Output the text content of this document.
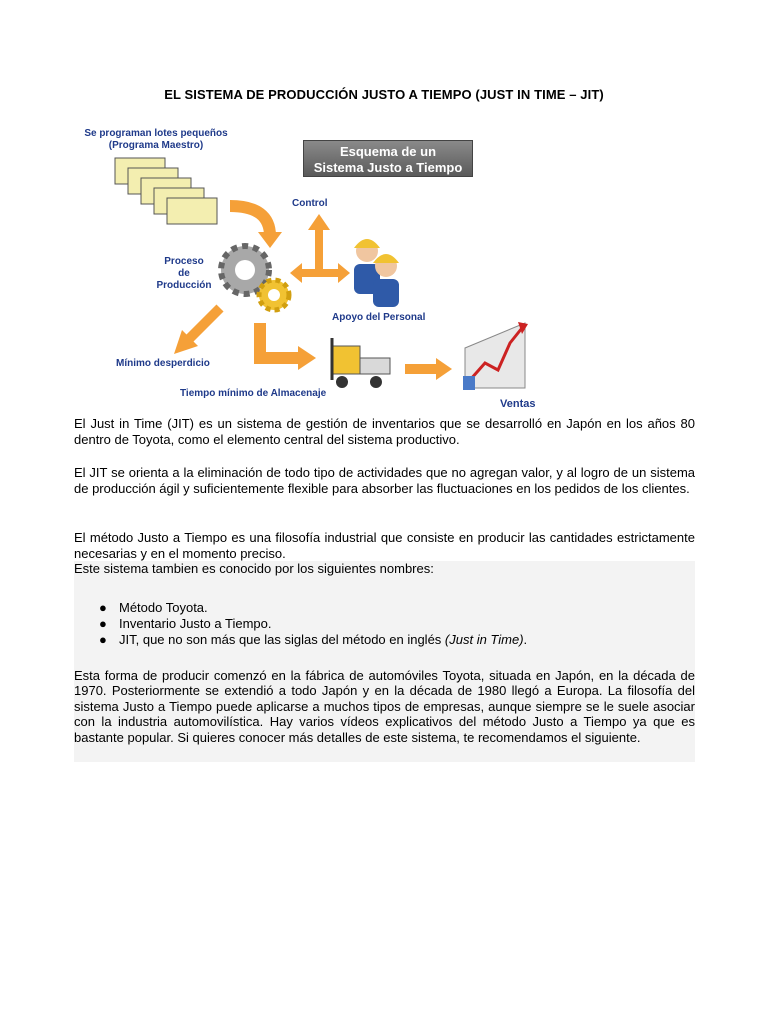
EL SISTEMA DE PRODUCCIÓN JUSTO A TIEMPO (JUST IN TIME – JIT)
Esquema de un
Sistema Justo a Tiempo
Se programan lotes pequeños
(Programa Maestro)
Control
Proceso
de
Producción
Apoyo del Personal
Mínimo desperdicio
Tiempo mínimo de Almacenaje
Ventas
El Just in Time (JIT) es un sistema de gestión de inventarios que se desarrolló en Japón en los años 80 dentro de Toyota, como el elemento central del sistema productivo.
El JIT se orienta a la eliminación de todo tipo de actividades que no agregan valor, y al logro de un sistema de producción ágil y suficientemente flexible para absorber las fluctuaciones en los pedidos de los clientes.
El método Justo a Tiempo es una filosofía industrial que consiste en producir las cantidades estrictamente necesarias y en el momento preciso.
Este sistema tambien es conocido por los siguientes nombres:
● Método Toyota.
● Inventario Justo a Tiempo.
● JIT, que no son más que las siglas del método en inglés (Just in Time).
Esta forma de producir comenzó en la fábrica de automóviles Toyota, situada en Japón, en la década de 1970. Posteriormente se extendió a todo Japón y en la década de 1980 llegó a Europa. La filosofía del sistema Justo a Tiempo puede aplicarse a muchos tipos de empresas, aunque siempre se le suele asociar con la industria automovilística. Hay varios vídeos explicativos del método Justo a Tiempo ya que es bastante popular. Si quieres conocer más detalles de este sistema, te recomendamos el siguiente.
